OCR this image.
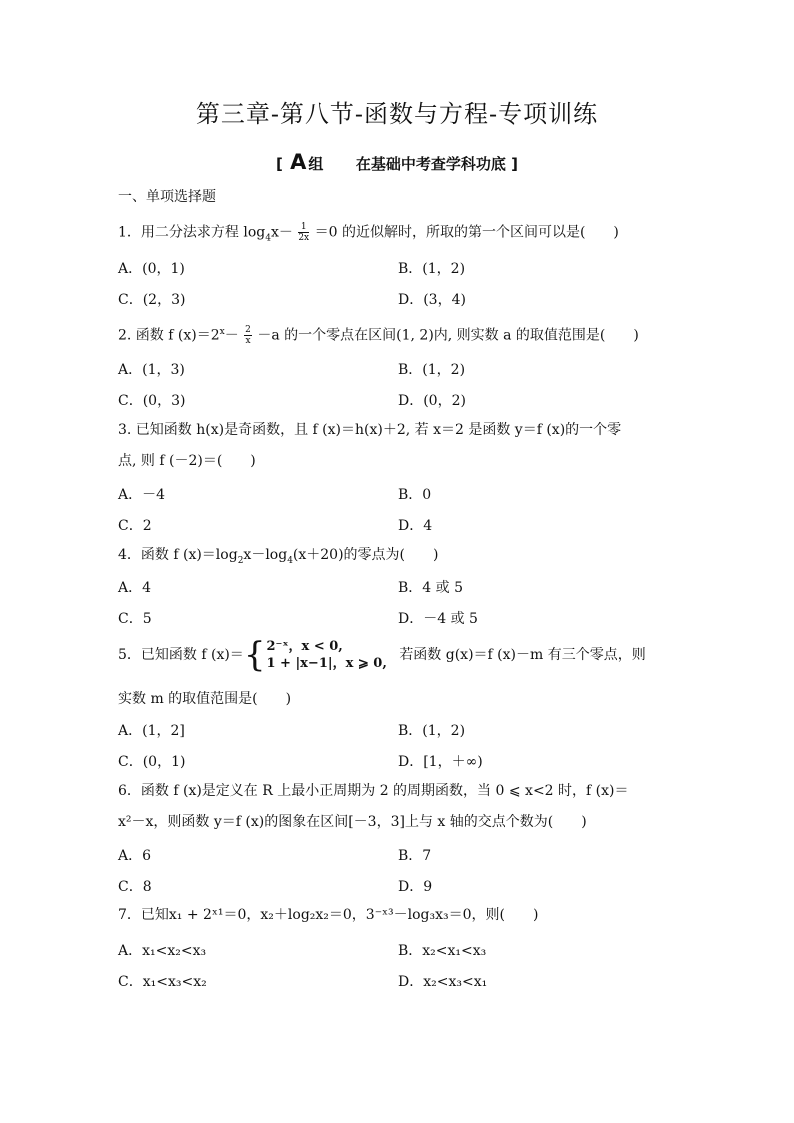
第三章-第八节-函数与方程-专项训练
[ A 组 在基础中考查学科功底 ]
一、单项选择题
1．用二分法求方程 $\log_4x- \frac{1}{2x} =0$ 的近似解时，所取的第一个区间可以是(　　)
A．(0，1)	B．(1，2)
C．(2，3)	D．(3，4)
2. 函数 f $(x)=2^x- \frac{2}{x} -a$ 的一个零点在区间(1, 2)内, 则实数 a 的取值范围是(　　)
A．(1，3)	B．(1，2)
C．(0，3)	D．(0，2)
3. 已知函数 h(x)是奇函数，且 f (x)＝h(x)＋2, 若 x＝2 是函数 y＝f (x)的一个零
点, 则 f (－2)＝(　　)
A．－4	B．0
C．2	D．4
4．函数 f $(x)=\log_2x-\log_4(x+20)$的零点为(　　)
A．4	B．4 或 5
C．5	D．－4 或 5
5．已知函数 f (x)＝{ 2⁻ˣ，x < 0,
1 + |x−1|，x ⩾ 0,
若函数 g(x)＝f (x)－m 有三个零点，则
实数 m 的取值范围是(　　)
A．(1，2]	B．(1，2)
C．(0，1)	D．[1，＋∞)
6．函数 f (x)是定义在 R 上最小正周期为 2 的周期函数，当 0 ⩽ x<2 时，f (x)＝
x²－x，则函数 y＝f (x)的图象在区间[－3，3]上与 x 轴的交点个数为(　　)
A．6	B．7
C．8	D．9
7．已知x₁ + 2ˣ¹＝0，x₂＋log₂x₂＝0，3⁻ˣ³－log₃x₃＝0，则(　　)
A．x₁<x₂<x₃	B．x₂<x₁<x₃
C．x₁<x₃<x₂	D．x₂<x₃<x₁
